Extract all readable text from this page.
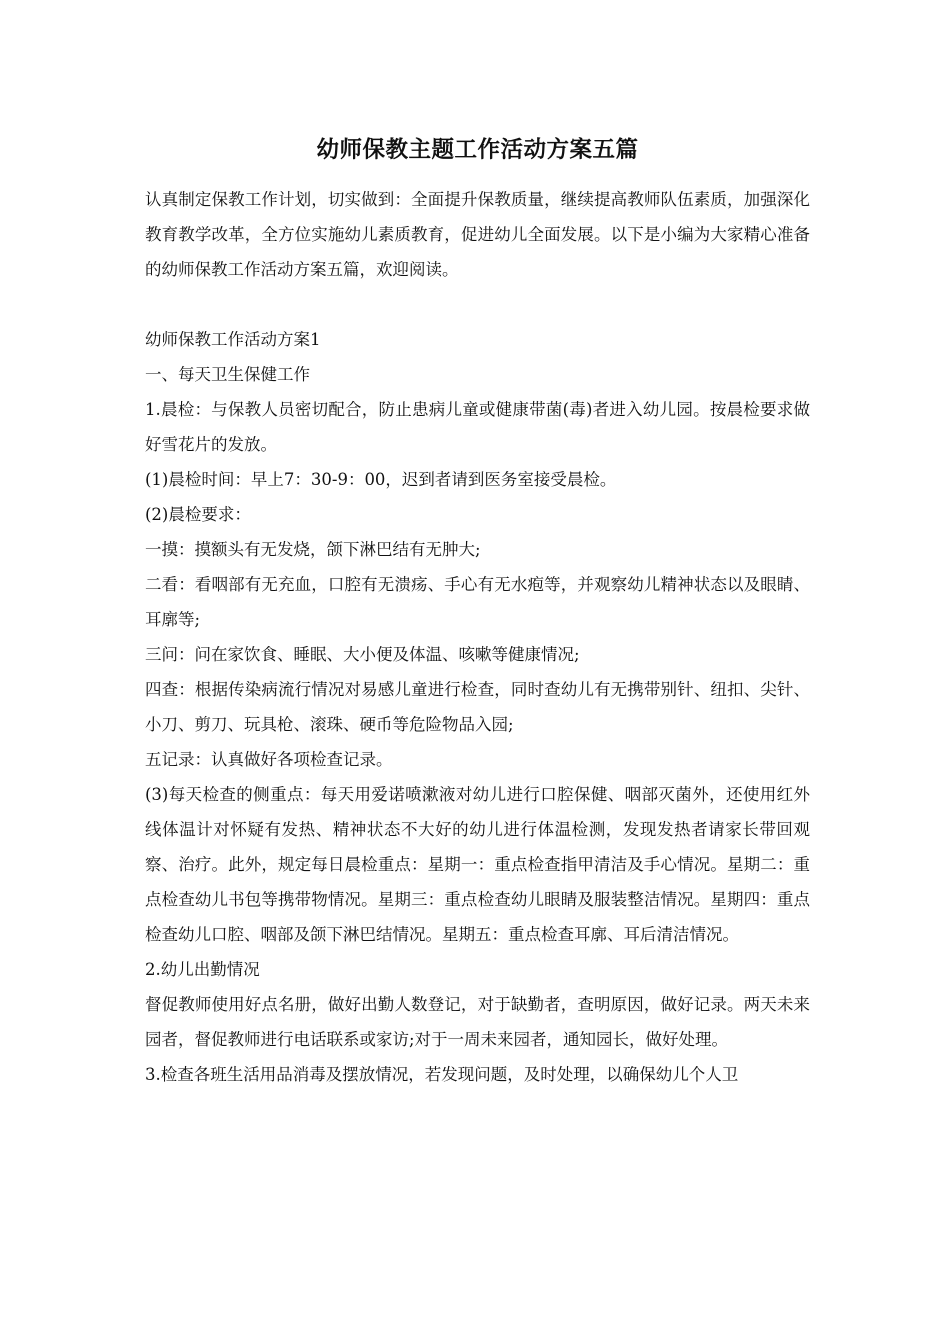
幼师保教主题工作活动方案五篇

认真制定保教工作计划，切实做到：全面提升保教质量，继续提高教师队伍素质，加强深化教育教学改革，全方位实施幼儿素质教育，促进幼儿全面发展。以下是小编为大家精心准备的幼师保教工作活动方案五篇，欢迎阅读。

幼师保教工作活动方案1

一、每天卫生保健工作

1.晨检：与保教人员密切配合，防止患病儿童或健康带菌(毒)者进入幼儿园。按晨检要求做好雪花片的发放。

(1)晨检时间：早上7：30-9：00，迟到者请到医务室接受晨检。

(2)晨检要求：

一摸：摸额头有无发烧，颌下淋巴结有无肿大;

二看：看咽部有无充血，口腔有无溃疡、手心有无水疱等，并观察幼儿精神状态以及眼睛、耳廓等;

三问：问在家饮食、睡眠、大小便及体温、咳嗽等健康情况;

四查：根据传染病流行情况对易感儿童进行检查，同时查幼儿有无携带别针、纽扣、尖针、小刀、剪刀、玩具枪、滚珠、硬币等危险物品入园;

五记录：认真做好各项检查记录。

(3)每天检查的侧重点：每天用爱诺喷漱液对幼儿进行口腔保健、咽部灭菌外，还使用红外线体温计对怀疑有发热、精神状态不大好的幼儿进行体温检测，发现发热者请家长带回观察、治疗。此外，规定每日晨检重点：星期一：重点检查指甲清洁及手心情况。星期二：重点检查幼儿书包等携带物情况。星期三：重点检查幼儿眼睛及服装整洁情况。星期四：重点检查幼儿口腔、咽部及颌下淋巴结情况。星期五：重点检查耳廓、耳后清洁情况。

2.幼儿出勤情况

督促教师使用好点名册，做好出勤人数登记，对于缺勤者，查明原因，做好记录。两天未来园者，督促教师进行电话联系或家访;对于一周未来园者，通知园长，做好处理。

3.检查各班生活用品消毒及摆放情况，若发现问题，及时处理，以确保幼儿个人卫
